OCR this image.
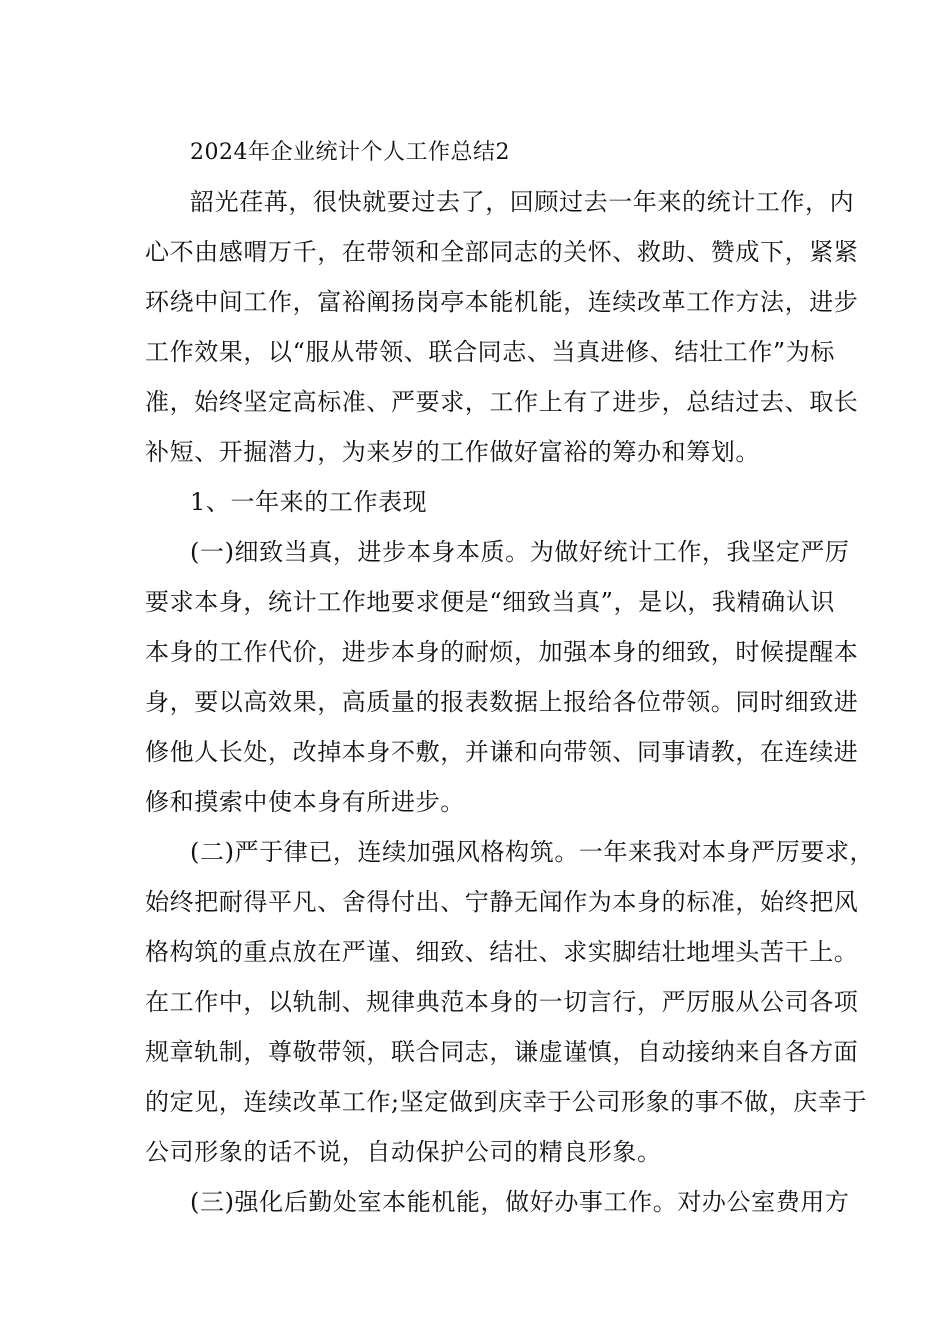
2024年企业统计个人工作总结2
韶光荏苒，很快就要过去了，回顾过去一年来的统计工作，内
心不由感喟万千，在带领和全部同志的关怀、救助、赞成下，紧紧
环绕中间工作，富裕阐扬岗亭本能机能，连续改革工作方法，进步
工作效果，以“服从带领、联合同志、当真进修、结壮工作”为标
准，始终坚定高标准、严要求，工作上有了进步，总结过去、取长
补短、开掘潜力，为来岁的工作做好富裕的筹办和筹划。
1、一年来的工作表现
(一)细致当真，进步本身本质。为做好统计工作，我坚定严厉
要求本身，统计工作地要求便是“细致当真”，是以，我精确认识
本身的工作代价，进步本身的耐烦，加强本身的细致，时候提醒本
身，要以高效果，高质量的报表数据上报给各位带领。同时细致进
修他人长处，改掉本身不敷，并谦和向带领、同事请教，在连续进
修和摸索中使本身有所进步。
(二)严于律已，连续加强风格构筑。一年来我对本身严厉要求，
始终把耐得平凡、舍得付出、宁静无闻作为本身的标准，始终把风
格构筑的重点放在严谨、细致、结壮、求实脚结壮地埋头苦干上。
在工作中，以轨制、规律典范本身的一切言行，严厉服从公司各项
规章轨制，尊敬带领，联合同志，谦虚谨慎，自动接纳来自各方面
的定见，连续改革工作;坚定做到庆幸于公司形象的事不做，庆幸于
公司形象的话不说，自动保护公司的精良形象。
(三)强化后勤处室本能机能，做好办事工作。对办公室费用方
